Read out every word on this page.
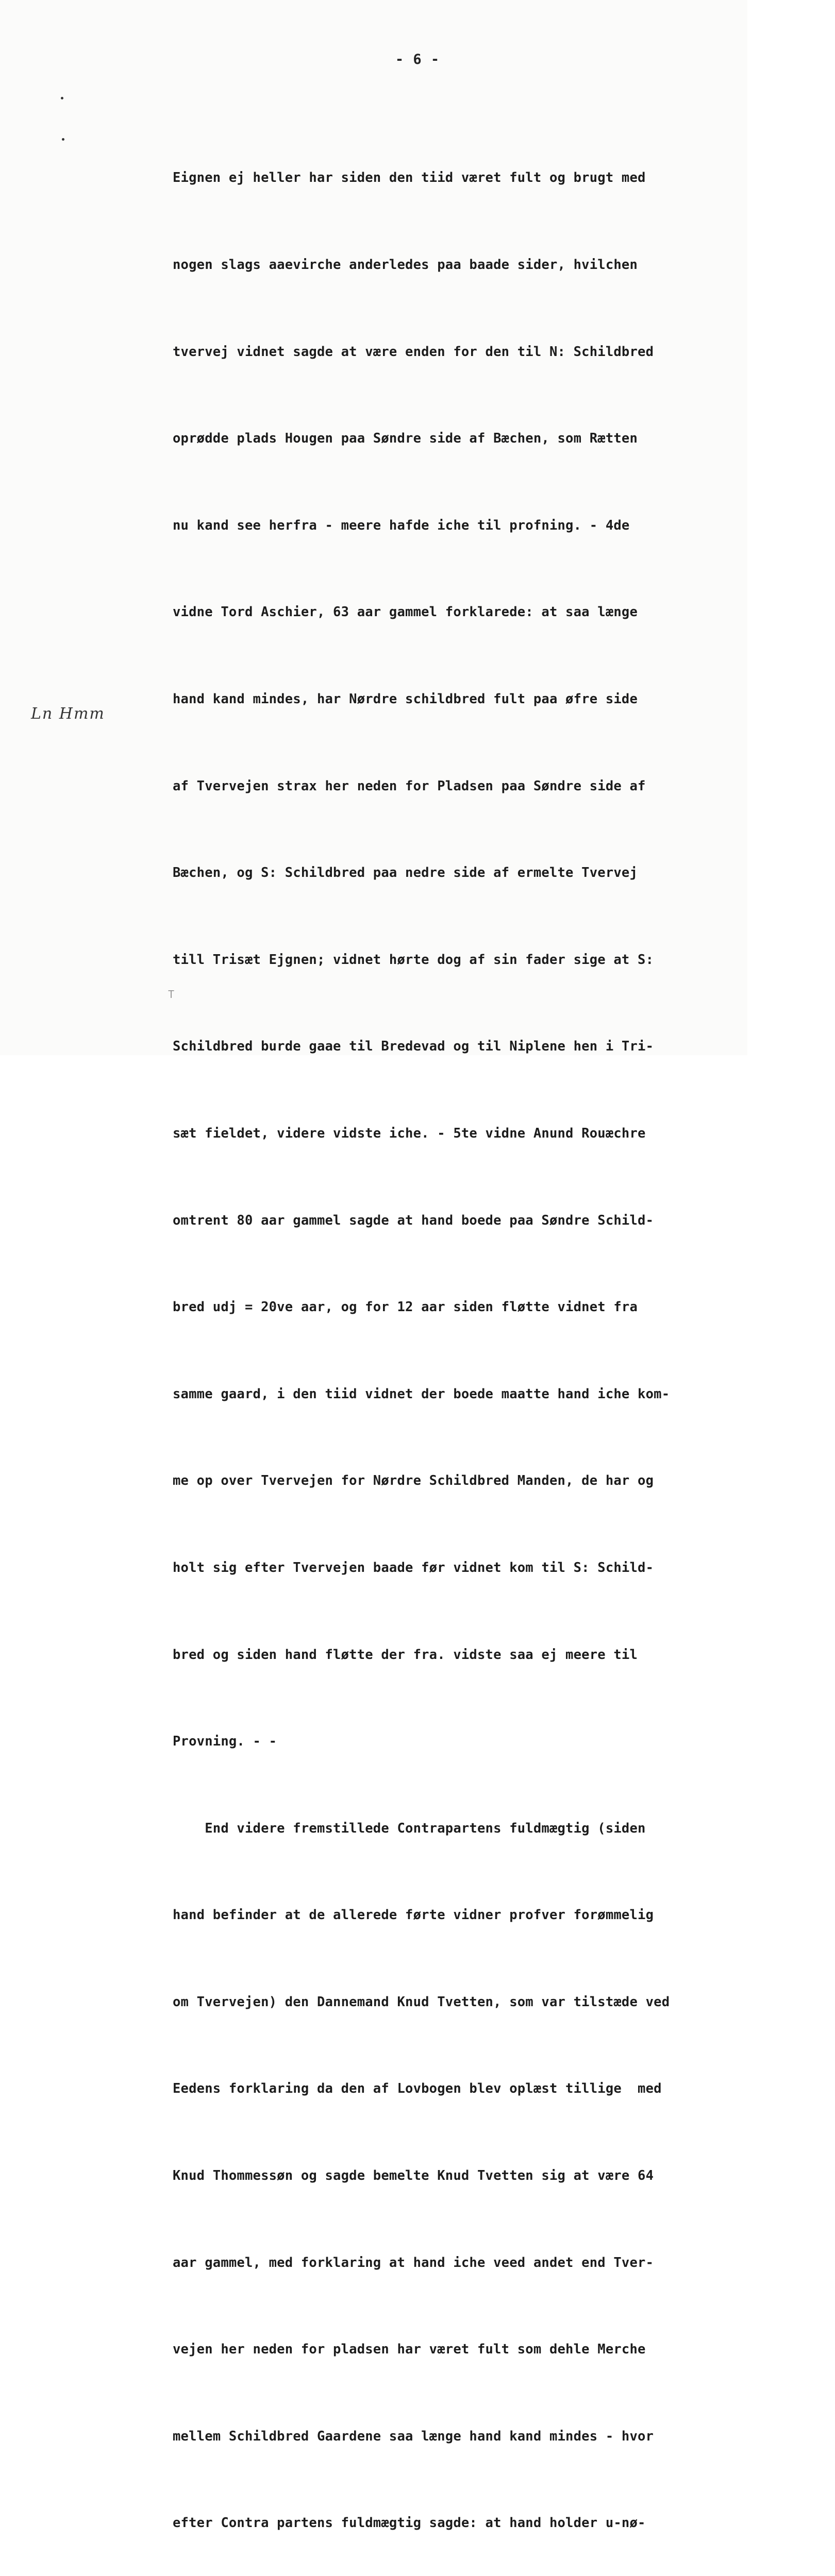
- 6 -
Ln Hmm

Eignen ej heller har siden den tiid været fult og brugt med

nogen slags aaevirche anderledes paa baade sider, hvilchen

tvervej vidnet sagde at være enden for den til N: Schildbred

oprødde plads Hougen paa Søndre side af Bæchen, som Rætten

nu kand see herfra - meere hafde iche til profning. - 4de

vidne Tord Aschier, 63 aar gammel forklarede: at saa længe

hand kand mindes, har Nørdre schildbred fult paa øfre side

af Tvervejen strax her neden for Pladsen paa Søndre side af

Bæchen, og S: Schildbred paa nedre side af ermelte Tvervej

till Trisæt Ejgnen; vidnet hørte dog af sin fader sige at S:

Schildbred burde gaae til Bredevad og til Niplene hen i Tri-

sæt fieldet, videre vidste iche. - 5te vidne Anund Rouæchre

omtrent 80 aar gammel sagde at hand boede paa Søndre Schild-

bred udj = 20ve aar, og for 12 aar siden fløtte vidnet fra

samme gaard, i den tiid vidnet der boede maatte hand iche kom-

me op over Tvervejen for Nørdre Schildbred Manden, de har og

holt sig efter Tvervejen baade før vidnet kom til S: Schild-

bred og siden hand fløtte der fra. vidste saa ej meere til

Provning. - -

End videre fremstillede Contrapartens fuldmægtig (siden

hand befinder at de allerede førte vidner profver forømmelig

om Tvervejen) den Dannemand Knud Tvetten, som var tilstæde ved

Eedens forklaring da den af Lovbogen blev oplæst tillige  med

Knud Thommessøn og sagde bemelte Knud Tvetten sig at være 64

aar gammel, med forklaring at hand iche veed andet end Tver-

vejen her neden for pladsen har været fult som dehle Merche

mellem Schildbred Gaardene saa længe hand kand mindes - hvor

efter Contra partens fuldmægtig sagde: at hand holder u-nø-

T
